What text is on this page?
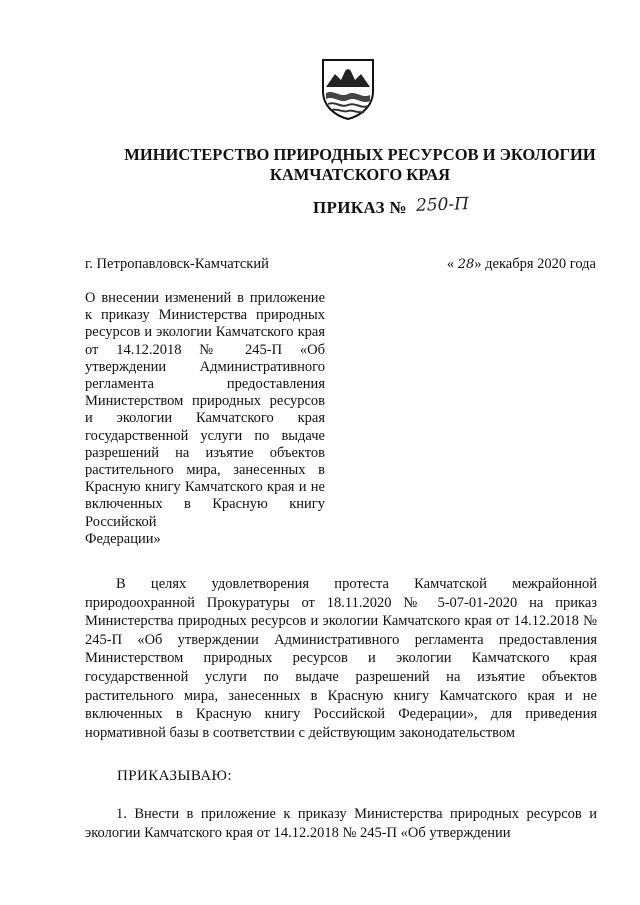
МИНИСТЕРСТВО ПРИРОДНЫХ РЕСУРСОВ И ЭКОЛОГИИ
КАМЧАТСКОГО КРАЯ
ПРИКАЗ № 250-П
г. Петропавловск-Камчатский	« 28» декабря 2020 года
О внесении изменений в приложение к приказу Министерства природных ресурсов и экологии Камчатского края от 14.12.2018 № 245-П «Об утверждении Административного регламента предоставления Министерством природных ресурсов и экологии Камчатского края государственной услуги по выдаче разрешений на изъятие объектов растительного мира, занесенных в Красную книгу Камчатского края и не включенных в Красную книгу Российской
Федерации»
В целях удовлетворения протеста Камчатской межрайонной природоохранной Прокуратуры от 18.11.2020 № 5-07-01-2020 на приказ Министерства природных ресурсов и экологии Камчатского края от 14.12.2018 № 245-П «Об утверждении Административного регламента предоставления Министерством природных ресурсов и экологии Камчатского края государственной услуги по выдаче разрешений на изъятие объектов растительного мира, занесенных в Красную книгу Камчатского края и не включенных в Красную книгу Российской Федерации», для приведения нормативной базы в соответствии с действующим законодательством
ПРИКАЗЫВАЮ:
1. Внести в приложение к приказу Министерства природных ресурсов и экологии Камчатского края от 14.12.2018 № 245-П «Об утверждении
